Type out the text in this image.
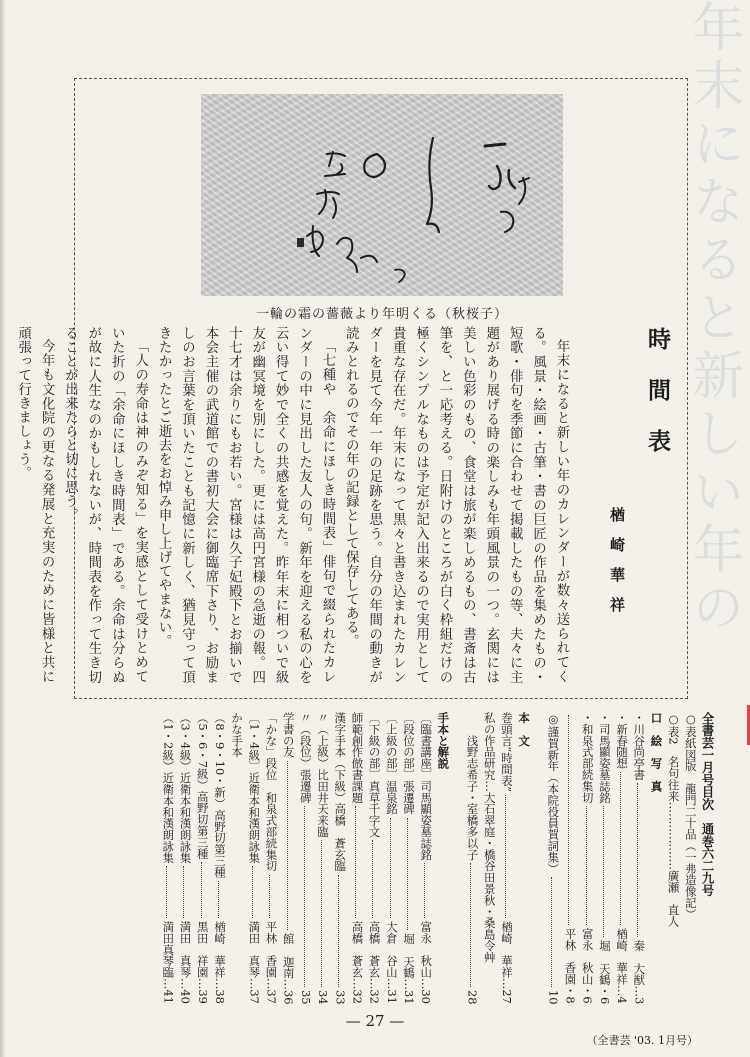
年末になると新しい年の
一輪の霜の薔薇より年明くる（秋桜子）
時間表
楢崎華祥

年末になると新しい年のカレンダーが数々送られてくる。風景・絵画・古筆・書の巨匠の作品を集めたもの・短歌・俳句を季節に合わせて掲載したもの等、夫々に主題があり展げる時の楽しみも年頭風景の一つ。玄関には美しい色彩のもの、食堂は旅が楽しめるもの、書斎は古筆を、と一応考える。日附けのところが白く枠組だけの極くシンプルなものは予定が記入出来るので実用として貴重な存在だ。年末になって黒々と書き込まれたカレンダーを見て今年一年の足跡を思う。自分の年間の動きが読みとれるのでその年の記録として保存してある。

「七種や　余命にほしき時間表」俳句で綴られたカレンダーの中に見出した友人の句。新年を迎える私の心を云い得て妙で全くの共感を覚えた。昨年末に相ついで級友が幽冥境を別にした。更には高円宮様の急逝の報。四十七才は余りにもお若い。宮様は久子妃殿下とお揃いで本会主催の武道館での書初大会に御臨席下さり、お励ましのお言葉を頂いたことも記憶に新しく、猶見守って頂きたかったとご逝去をお悼み申し上げてやまない。

「人の寿命は神のみぞ知る」を実感として受けとめていた折の「余命にほしき時間表」である。余命は分らぬが故に人生なのかもしれないが、時間表を作って生き切ることが出来たらと切に思う。

今年も文化院の更なる発展と充実のために皆様と共に頑張って行きましょう。

全書芸一月号目次　通巻六二九号
○表紙図版　龍門二十品（一弗造像記）
○表2　名句往来………………廣瀬　直人
口　絵　写　真
・川谷尚亭書
秦　大猷…3
・新春随想
楢崎　華祥…4
・司馬顯姿墓誌銘
堀　天鶴・6
・和泉式部続集切
富永　秋山・6
平林　香園・8
◎謹賀新年（本院役員賀詞集）
10
本　文
巻頭言“時間表”
楢崎　華祥…27
私の作品研究…大石翠庭・橋谷田景秋・桑島令艸
　　浅野志希子・室橋多以子
28
手本と解説
〔臨書講座〕司馬顯姿墓誌銘
富永　秋山…30
〔段位の部〕張遷碑
堀　天鶴…31
〔上級の部〕温泉銘
大倉　谷山…31
〔下級の部〕真草千字文
高橋　蒼玄…32
師範創作倣書課題
高橋　蒼玄…32
漢字手本（下級）高橋　蒼玄臨
33
〃（上級）比田井天来臨
34
〃（段位）張遷碑
35
学書の友
館　迦南…36
「かな」段位　和泉式部続集切
平林　香園…37
〔1・4級〕近衛本和漢朗詠集
満田　真琴…37
かな手本
（8・9・10・新）高野切第三種
楢崎　華祥…38
（5・6・7級）高野切第三種
黒田　祥園…39
（3・4級）近衛本和漢朗詠集
満田　真琴…40
（1・2級）近衛本和漢朗詠集
満田真琴臨…41
— 27 —
（全書芸 '03. 1月号）
